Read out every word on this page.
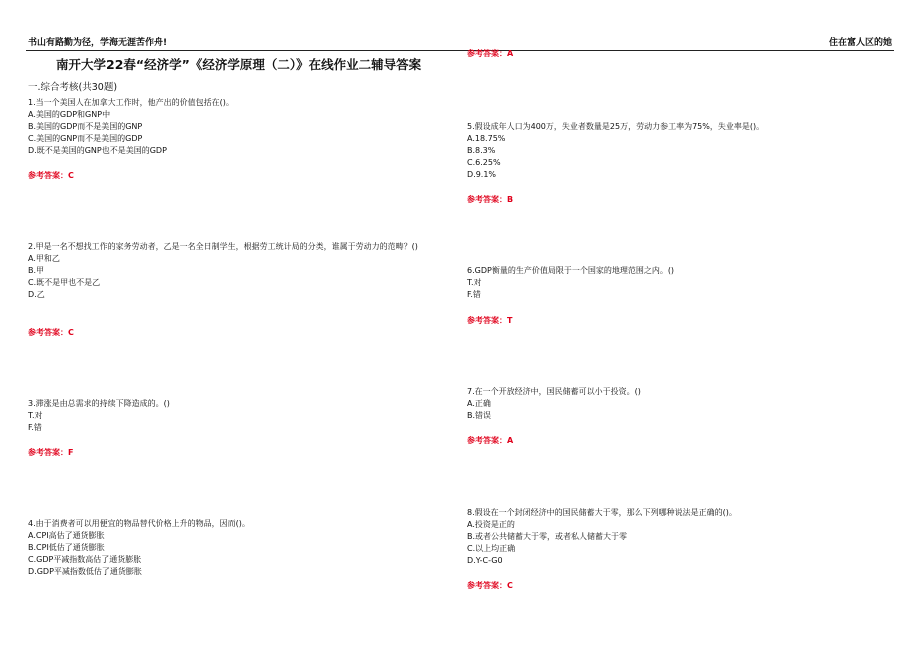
书山有路勤为径，学海无涯苦作舟!	住在富人区的她
南开大学22春“经济学”《经济学原理（二）》在线作业二辅导答案
一.综合考核(共30题)
参考答案：A
1.当一个美国人在加拿大工作时，他产出的价值包括在()。
A.美国的GDP和GNP中
B.美国的GDP而不是美国的GNP
C.美国的GNP而不是美国的GDP
D.既不是美国的GNP也不是美国的GDP
参考答案：C
2.甲是一名不想找工作的家务劳动者，乙是一名全日制学生，根据劳工统计局的分类，谁属于劳动力的范畴？()
A.甲和乙
B.甲
C.既不是甲也不是乙
D.乙
参考答案：C
3.滞涨是由总需求的持续下降造成的。()
T.对
F.错
参考答案：F
4.由于消费者可以用便宜的物品替代价格上升的物品，因而()。
A.CPI高估了通货膨胀
B.CPI低估了通货膨胀
C.GDP平减指数高估了通货膨胀
D.GDP平减指数低估了通货膨胀
5.假设成年人口为400万，失业者数量是25万，劳动力参工率为75%，失业率是()。
A.18.75%
B.8.3%
C.6.25%
D.9.1%
参考答案：B
6.GDP衡量的生产价值局限于一个国家的地理范围之内。()
T.对
F.错
参考答案：T
7.在一个开放经济中，国民储蓄可以小于投资。()
A.正确
B.错误
参考答案：A
8.假设在一个封闭经济中的国民储蓄大于零，那么下列哪种说法是正确的()。
A.投资是正的
B.或者公共储蓄大于零，或者私人储蓄大于零
C.以上均正确
D.Y-C-G0
参考答案：C
